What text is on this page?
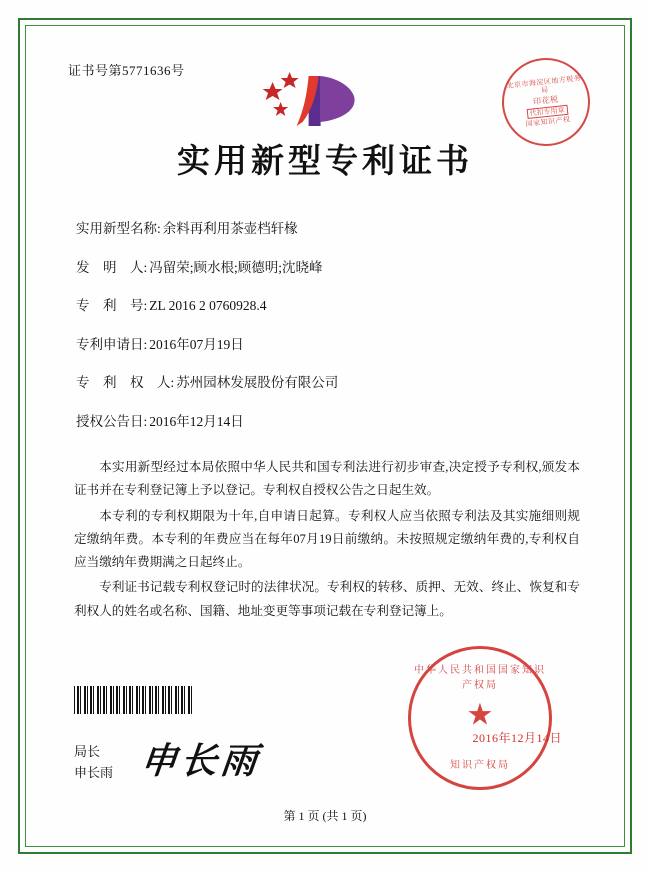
证书号第5771636号
北京市海淀区地方税务局
印花税
代扣专用章
国家知识产权
实用新型专利证书
实用新型名称: 余料再利用茶壶档轩椽
发　明　人: 冯留荣;顾水根;顾德明;沈晓峰
专　利　号: ZL 2016 2 0760928.4
专利申请日: 2016年07月19日
专　利　权　人: 苏州园林发展股份有限公司
授权公告日: 2016年12月14日

本实用新型经过本局依照中华人民共和国专利法进行初步审查,决定授予专利权,颁发本证书并在专利登记簿上予以登记。专利权自授权公告之日起生效。

本专利的专利权期限为十年,自申请日起算。专利权人应当依照专利法及其实施细则规定缴纳年费。本专利的年费应当在每年07月19日前缴纳。未按照规定缴纳年费的,专利权自应当缴纳年费期满之日起终止。

专利证书记载专利权登记时的法律状况。专利权的转移、质押、无效、终止、恢复和专利权人的姓名或名称、国籍、地址变更等事项记载在专利登记簿上。

局长
申长雨 申长雨
中华人民共和国国家知识产权局
★
知识产权局
2016年12月14日
第 1 页 (共 1 页)
